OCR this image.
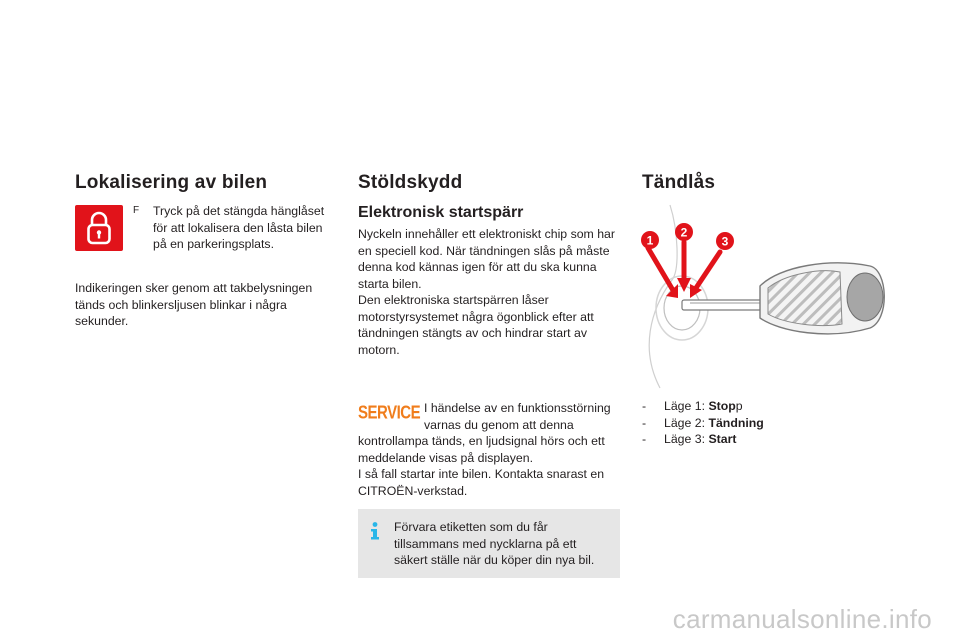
Lokalisering av bilen
F Tryck på det stängda hänglåset för att lokalisera den låsta bilen på en parkeringsplats.

Indikeringen sker genom att takbelysningen tänds och blinkersljusen blinkar i några sekunder.

Stöldskydd
Elektronisk startspärr

Nyckeln innehåller ett elektroniskt chip som har en speciell kod. När tändningen slås på måste denna kod kännas igen för att du ska kunna starta bilen.

Den elektroniska startspärren låser motorstyrsystemet några ögonblick efter att tändningen stängts av och hindrar start av motorn.

SERVICE I händelse av en funktionsstörning varnas du genom att denna

kontrollampa tänds, en ljudsignal hörs och ett meddelande visas på displayen.

I så fall startar inte bilen. Kontakta snarast en CITROËN-verkstad.

Förvara etiketten som du får tillsammans med nycklarna på ett säkert ställe när du köper din nya bil.

Tändlås
1
2
3
- Läge 1: Stopp
- Läge 2: Tändning
- Läge 3: Start
carmanualsonline.info
